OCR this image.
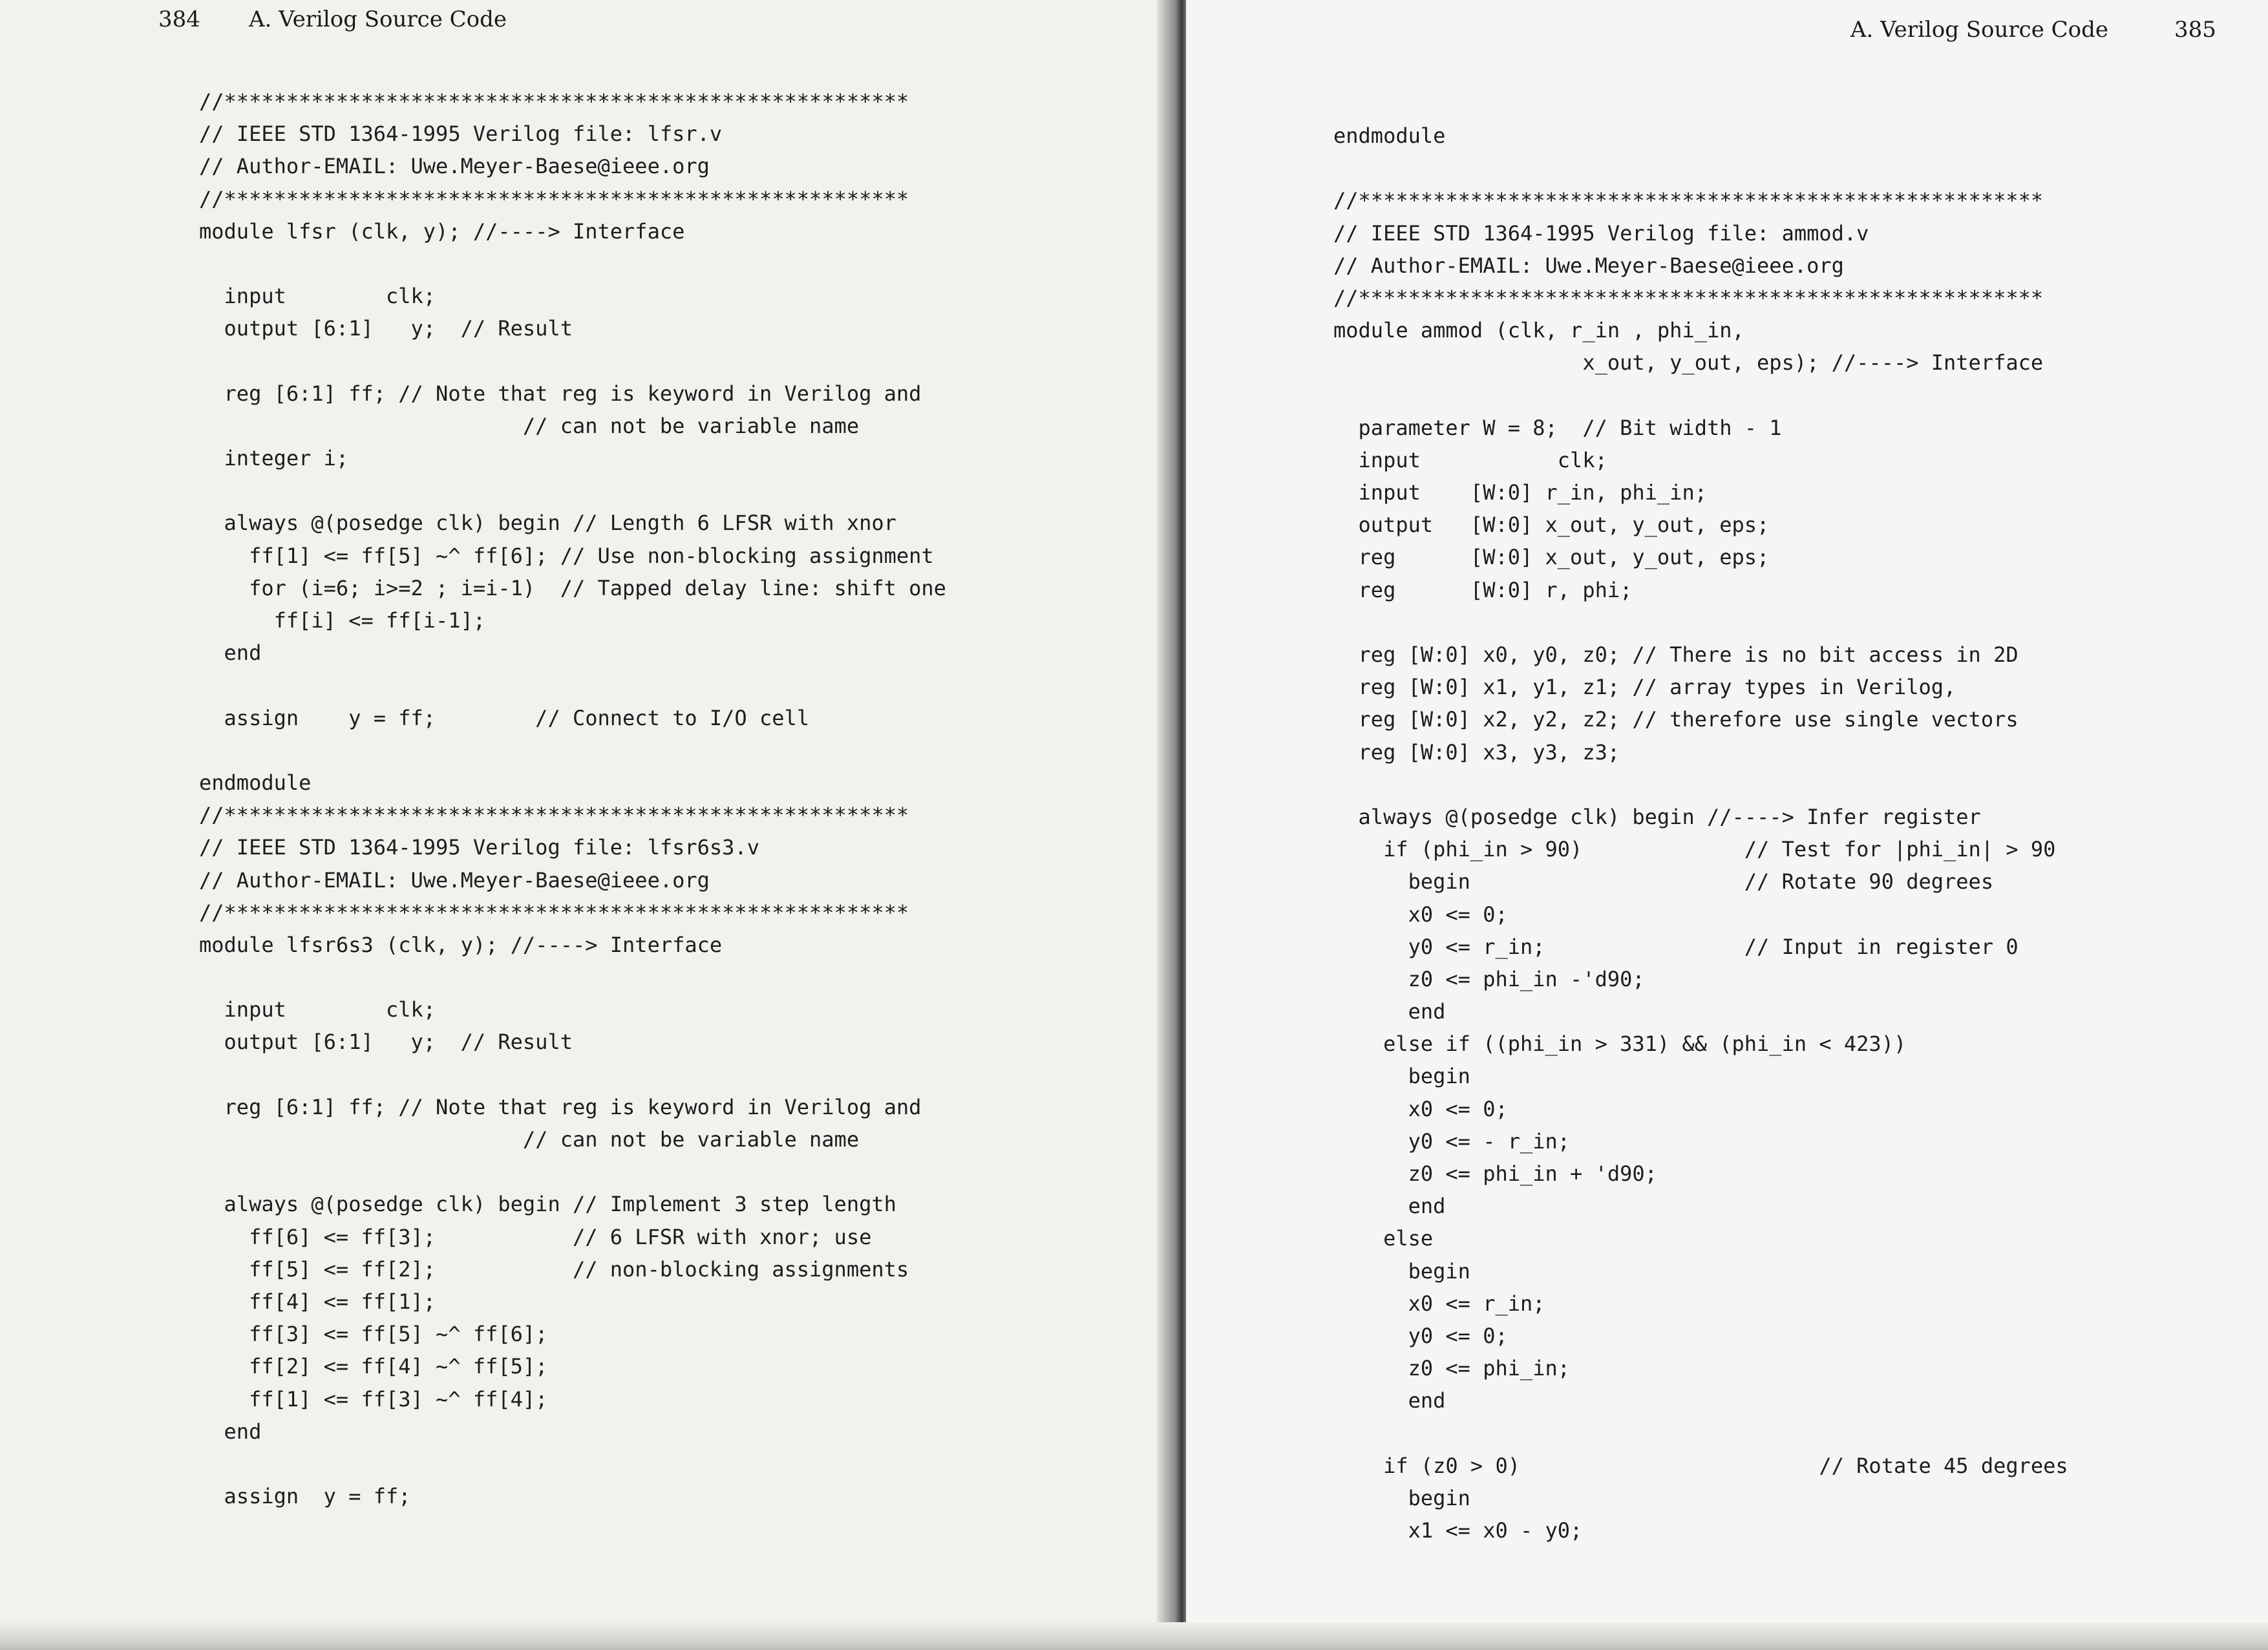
384 A. Verilog Source Code
//*******************************************************
// IEEE STD 1364-1995 Verilog file: lfsr.v
// Author-EMAIL: Uwe.Meyer-Baese@ieee.org
//*******************************************************
module lfsr (clk, y); //----> Interface
input        clk;
output [6:1]   y;  // Result
reg [6:1] ff; // Note that reg is keyword in Verilog and
// can not be variable name
integer i;
always @(posedge clk) begin // Length 6 LFSR with xnor
ff[1] <= ff[5] ~^ ff[6]; // Use non-blocking assignment
for (i=6; i>=2 ; i=i-1)  // Tapped delay line: shift one
ff[i] <= ff[i-1];
end
assign    y = ff;        // Connect to I/O cell
endmodule
//*******************************************************
// IEEE STD 1364-1995 Verilog file: lfsr6s3.v
// Author-EMAIL: Uwe.Meyer-Baese@ieee.org
//*******************************************************
module lfsr6s3 (clk, y); //----> Interface
input        clk;
output [6:1]   y;  // Result
reg [6:1] ff; // Note that reg is keyword in Verilog and
// can not be variable name
always @(posedge clk) begin // Implement 3 step length
ff[6] <= ff[3];           // 6 LFSR with xnor; use
ff[5] <= ff[2];           // non-blocking assignments
ff[4] <= ff[1];
ff[3] <= ff[5] ~^ ff[6];
ff[2] <= ff[4] ~^ ff[5];
ff[1] <= ff[3] ~^ ff[4];
end
assign  y = ff;
A. Verilog Source Code	385
endmodule
//*******************************************************
// IEEE STD 1364-1995 Verilog file: ammod.v
// Author-EMAIL: Uwe.Meyer-Baese@ieee.org
//*******************************************************
module ammod (clk, r_in , phi_in,
x_out, y_out, eps); //----> Interface
parameter W = 8;  // Bit width - 1
input           clk;
input    [W:0] r_in, phi_in;
output   [W:0] x_out, y_out, eps;
reg      [W:0] x_out, y_out, eps;
reg      [W:0] r, phi;
reg [W:0] x0, y0, z0; // There is no bit access in 2D
reg [W:0] x1, y1, z1; // array types in Verilog,
reg [W:0] x2, y2, z2; // therefore use single vectors
reg [W:0] x3, y3, z3;
always @(posedge clk) begin //----> Infer register
if (phi_in > 90)             // Test for |phi_in| > 90
begin                      // Rotate 90 degrees
x0 <= 0;
y0 <= r_in;                // Input in register 0
z0 <= phi_in -'d90;
end
else if ((phi_in > 331) && (phi_in < 423))
begin
x0 <= 0;
y0 <= - r_in;
z0 <= phi_in + 'd90;
end
else
begin
x0 <= r_in;
y0 <= 0;
z0 <= phi_in;
end
if (z0 > 0)                        // Rotate 45 degrees
begin
x1 <= x0 - y0;
